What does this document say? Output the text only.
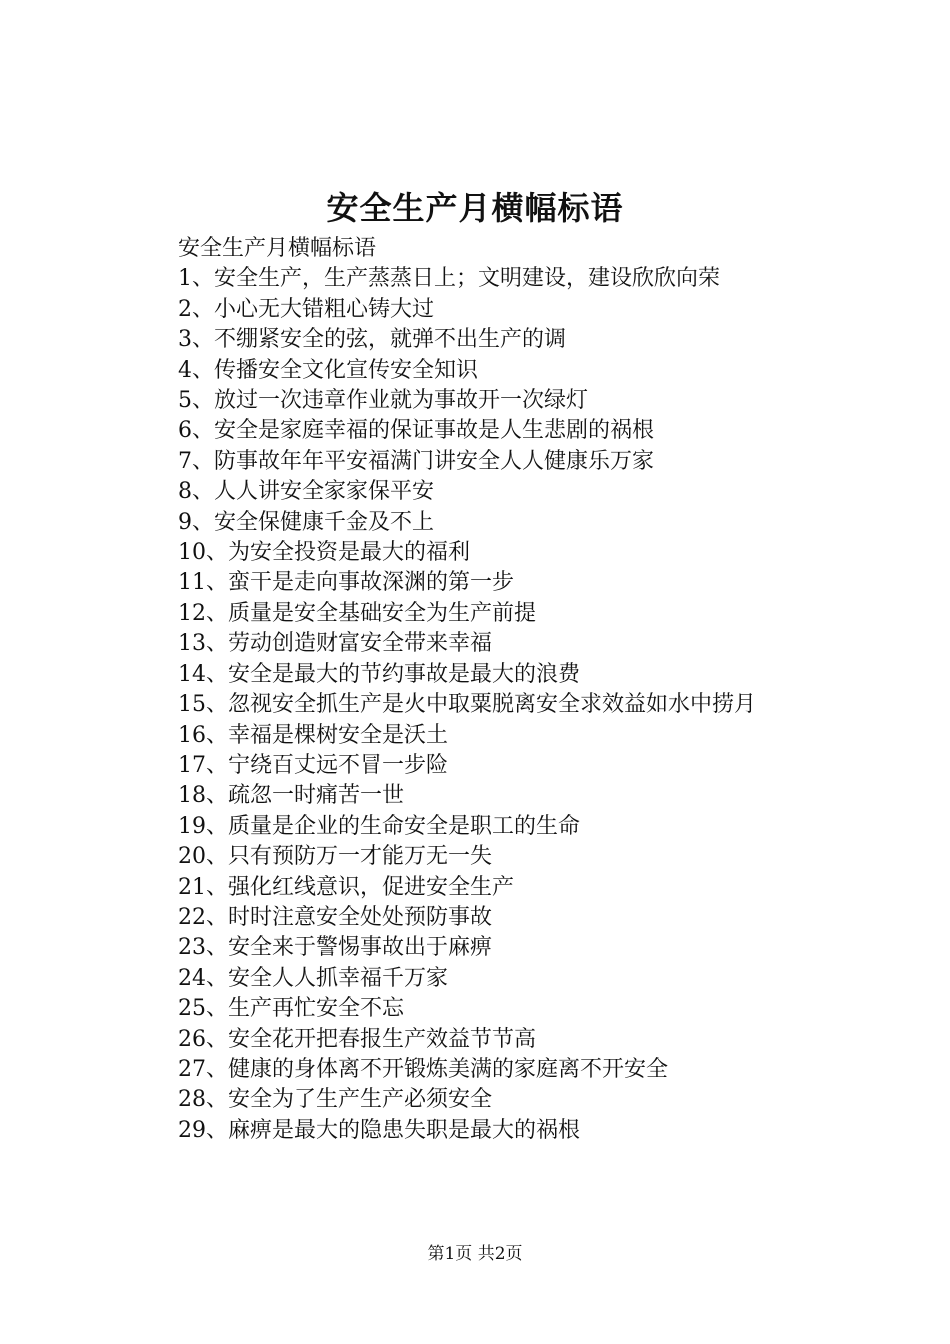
安全生产月横幅标语

安全生产月横幅标语

1、安全生产，生产蒸蒸日上；文明建设，建设欣欣向荣

2、小心无大错粗心铸大过

3、不绷紧安全的弦，就弹不出生产的调

4、传播安全文化宣传安全知识

5、放过一次违章作业就为事故开一次绿灯

6、安全是家庭幸福的保证事故是人生悲剧的祸根

7、防事故年年平安福满门讲安全人人健康乐万家

8、人人讲安全家家保平安

9、安全保健康千金及不上

10、为安全投资是最大的福利

11、蛮干是走向事故深渊的第一步

12、质量是安全基础安全为生产前提

13、劳动创造财富安全带来幸福

14、安全是最大的节约事故是最大的浪费

15、忽视安全抓生产是火中取粟脱离安全求效益如水中捞月

16、幸福是棵树安全是沃土

17、宁绕百丈远不冒一步险

18、疏忽一时痛苦一世

19、质量是企业的生命安全是职工的生命

20、只有预防万一才能万无一失

21、强化红线意识，促进安全生产

22、时时注意安全处处预防事故

23、安全来于警惕事故出于麻痹

24、安全人人抓幸福千万家

25、生产再忙安全不忘

26、安全花开把春报生产效益节节高

27、健康的身体离不开锻炼美满的家庭离不开安全

28、安全为了生产生产必须安全

29、麻痹是最大的隐患失职是最大的祸根

第1页 共2页
